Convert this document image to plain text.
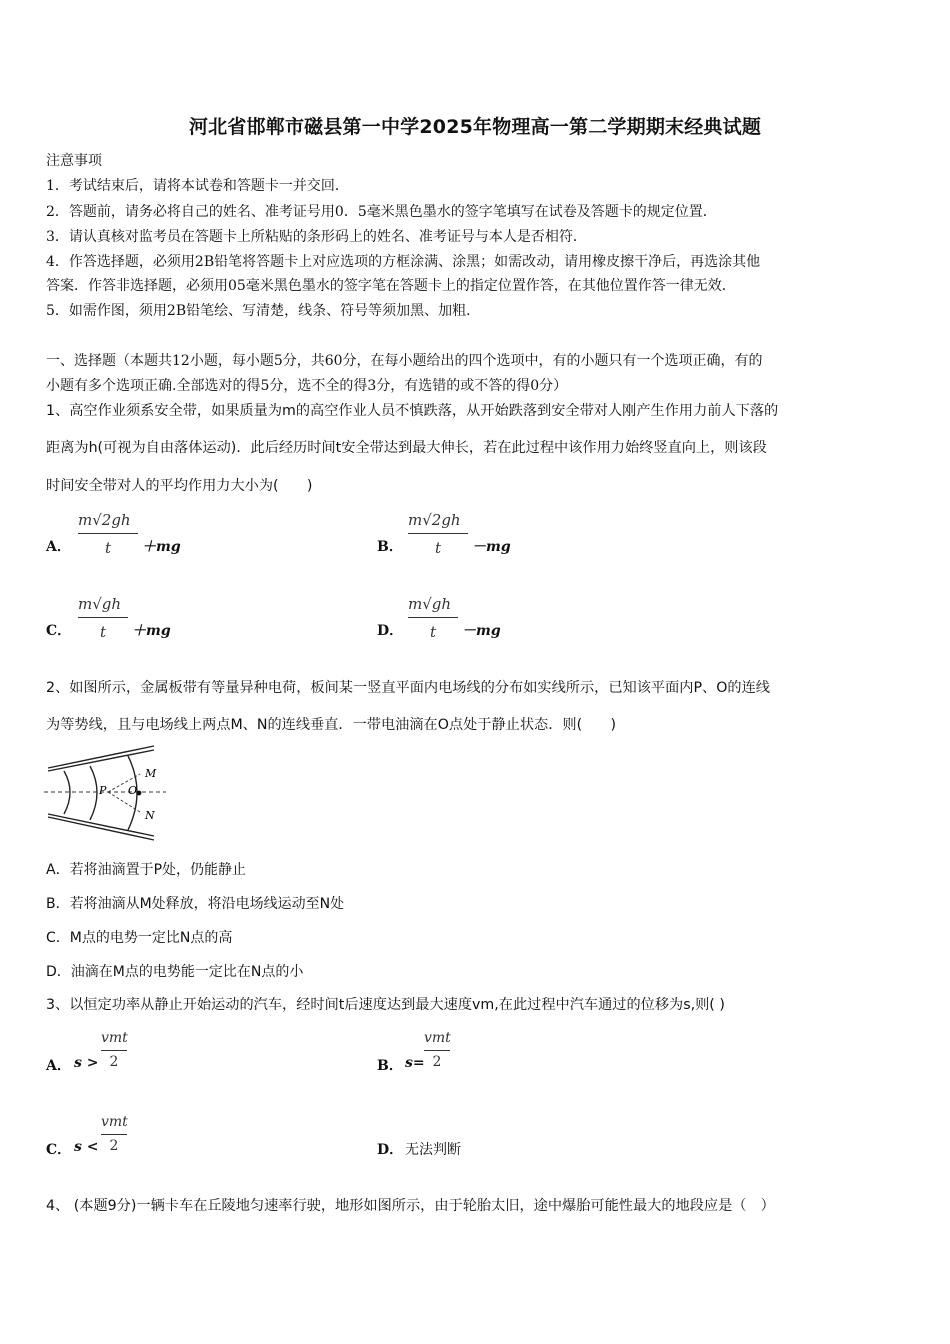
河北省邯郸市磁县第一中学2025年物理高一第二学期期末经典试题
注意事项
1．考试结束后，请将本试卷和答题卡一并交回．
2．答题前，请务必将自己的姓名、准考证号用0．5毫米黑色墨水的签字笔填写在试卷及答题卡的规定位置．
3．请认真核对监考员在答题卡上所粘贴的条形码上的姓名、准考证号与本人是否相符．
4．作答选择题，必须用2B铅笔将答题卡上对应选项的方框涂满、涂黑；如需改动，请用橡皮擦干净后，再选涂其他
答案．作答非选择题，必须用05毫米黑色墨水的签字笔在答题卡上的指定位置作答，在其他位置作答一律无效．
5．如需作图，须用2B铅笔绘、写清楚，线条、符号等须加黑、加粗．
一、选择题（本题共12小题，每小题5分，共60分，在每小题给出的四个选项中，有的小题只有一个选项正确，有的
小题有多个选项正确.全部选对的得5分，选不全的得3分，有选错的或不答的得0分）
1、高空作业须系安全带，如果质量为m的高空作业人员不慎跌落，从开始跌落到安全带对人刚产生作用力前人下落的
距离为h(可视为自由落体运动)．此后经历时间t安全带达到最大伸长，若在此过程中该作用力始终竖直向上，则该段
时间安全带对人的平均作用力大小为(　　)
A．
m√2gh
t	＋mg	B．
m√2gh
t	－mg
C．
m√gh
t	＋mg	D．
m√gh
t	－mg
2、如图所示，金属板带有等量异种电荷，板间某一竖直平面内电场线的分布如实线所示，已知该平面内P、O的连线
为等势线，且与电场线上两点M、N的连线垂直．一带电油滴在O点处于静止状态．则(　　)
P O
M
N
A．若将油滴置于P处，仍能静止
B．若将油滴从M处释放，将沿电场线运动至N处
C．M点的电势一定比N点的高
D．油滴在M点的电势能一定比在N点的小
3、以恒定功率从静止开始运动的汽车，经时间t后速度达到最大速度vm,在此过程中汽车通过的位移为s,则( )
A． s >
vmt
2	B． s=
vmt
2
C． s <
vmt
2	D． 无法判断
4、 (本题9分)一辆卡车在丘陵地匀速率行驶，地形如图所示，由于轮胎太旧，途中爆胎可能性最大的地段应是（　）
